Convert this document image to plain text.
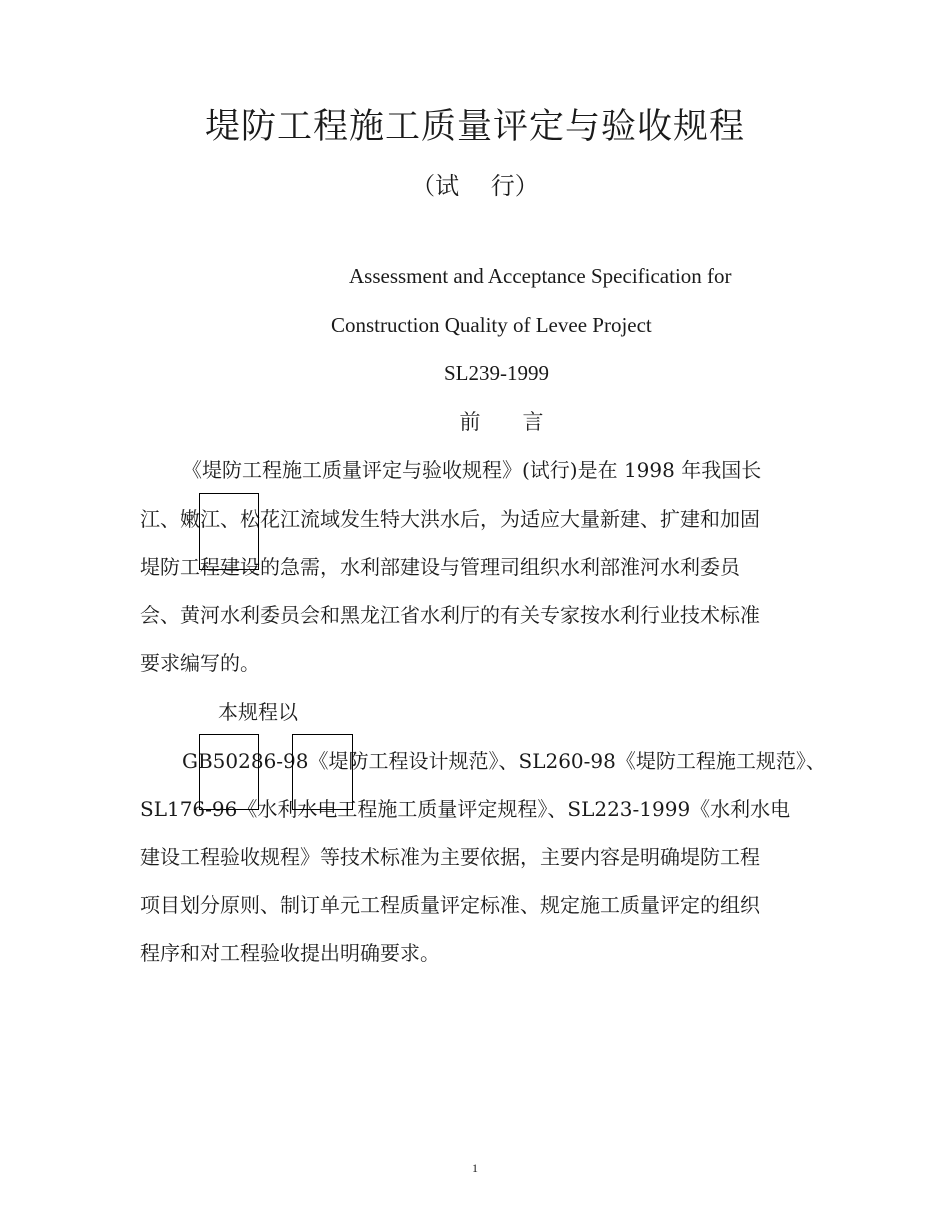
堤防工程施工质量评定与验收规程
（试　 行）
Assessment and Acceptance Specification for
Construction Quality of Levee Project
SL239-1999
前　　言
《堤防工程施工质量评定与验收规程》(试行)是在 1998 年我国长
江、嫩江、松花江流域发生特大洪水后，为适应大量新建、扩建和加固
堤防工程建设的急需，水利部建设与管理司组织水利部淮河水利委员
会、黄河水利委员会和黑龙江省水利厅的有关专家按水利行业技术标准
要求编写的。
本规程以
GB50286-98《堤防工程设计规范》、SL260-98《堤防工程施工规范》、
SL176-96《水利水电工程施工质量评定规程》、SL223-1999《水利水电
建设工程验收规程》等技术标准为主要依据，主要内容是明确堤防工程
项目划分原则、制订单元工程质量评定标准、规定施工质量评定的组织
程序和对工程验收提出明确要求。
1
